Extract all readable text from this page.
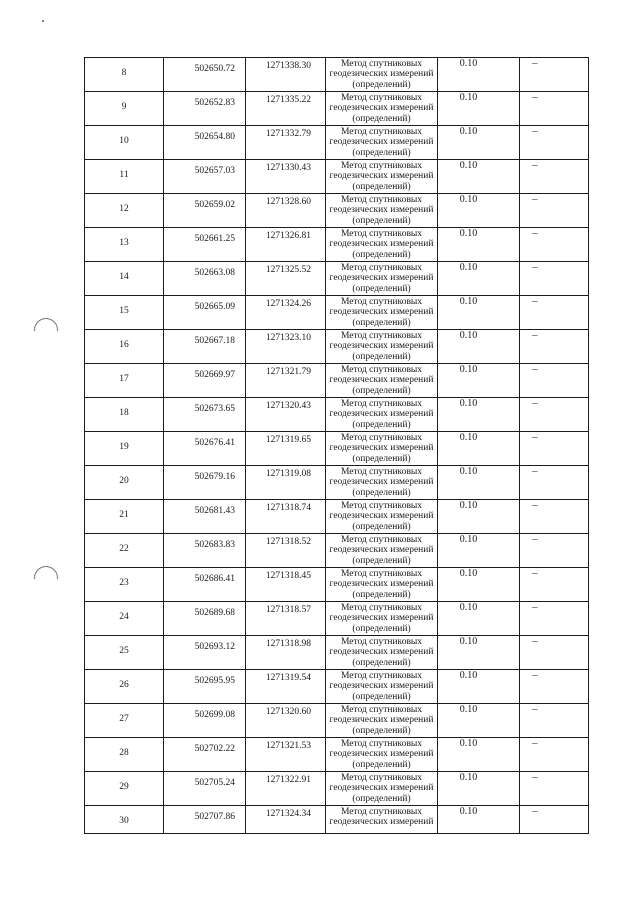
8	502650.72	1271338.30	Метод спутниковых геодезических измерений (определений)	0.10	–

9	502652.83	1271335.22	Метод спутниковых геодезических измерений (определений)	0.10	–

10	502654.80	1271332.79	Метод спутниковых геодезических измерений (определений)	0.10	–

11	502657.03	1271330.43	Метод спутниковых геодезических измерений (определений)	0.10	–

12	502659.02	1271328.60	Метод спутниковых геодезических измерений (определений)	0.10	–

13	502661.25	1271326.81	Метод спутниковых геодезических измерений (определений)	0.10	–

14	502663.08	1271325.52	Метод спутниковых геодезических измерений (определений)	0.10	–

15	502665.09	1271324.26	Метод спутниковых геодезических измерений (определений)	0.10	–

16	502667.18	1271323.10	Метод спутниковых геодезических измерений (определений)	0.10	–

17	502669.97	1271321.79	Метод спутниковых геодезических измерений (определений)	0.10	–

18	502673.65	1271320.43	Метод спутниковых геодезических измерений (определений)	0.10	–

19	502676.41	1271319.65	Метод спутниковых геодезических измерений (определений)	0.10	–

20	502679.16	1271319.08	Метод спутниковых геодезических измерений (определений)	0.10	–

21	502681.43	1271318.74	Метод спутниковых геодезических измерений (определений)	0.10	–

22	502683.83	1271318.52	Метод спутниковых геодезических измерений (определений)	0.10	–

23	502686.41	1271318.45	Метод спутниковых геодезических измерений (определений)	0.10	–

24	502689.68	1271318.57	Метод спутниковых геодезических измерений (определений)	0.10	–

25	502693.12	1271318.98	Метод спутниковых геодезических измерений (определений)	0.10	–

26	502695.95	1271319.54	Метод спутниковых геодезических измерений (определений)	0.10	–

27	502699.08	1271320.60	Метод спутниковых геодезических измерений (определений)	0.10	–

28	502702.22	1271321.53	Метод спутниковых геодезических измерений (определений)	0.10	–

29	502705.24	1271322.91	Метод спутниковых геодезических измерений (определений)	0.10	–

30	502707.86	1271324.34	Метод спутниковых геодезических измерений	0.10	–
